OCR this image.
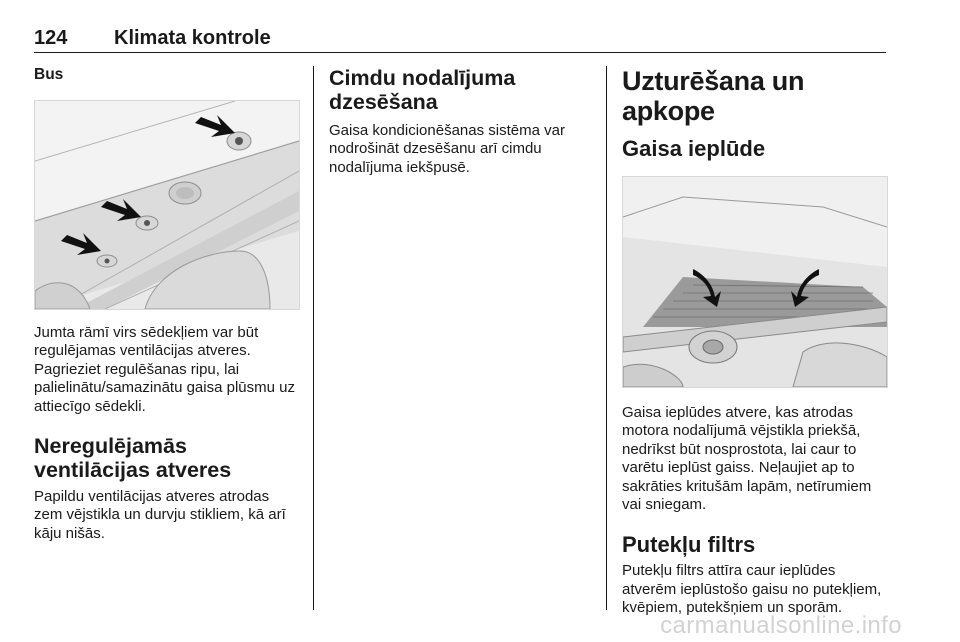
124 Klimata kontrole
Bus

Jumta rāmī virs sēdekļiem var būt regulējamas ventilācijas atveres. Pagrieziet regulēšanas ripu, lai palielinātu/samazinātu gaisa plūsmu uz attiecīgo sēdekli.

Neregulējamās ventilācijas atveres

Papildu ventilācijas atveres atrodas zem vējstikla un durvju stikliem, kā arī kāju nišās.

Cimdu nodalījuma dzesēšana

Gaisa kondicionēšanas sistēma var nodrošināt dzesēšanu arī cimdu nodalījuma iekšpusē.

Uzturēšana un apkope
Gaisa ieplūde

Gaisa ieplūdes atvere, kas atrodas motora nodalījumā vējstikla priekšā, nedrīkst būt nosprostota, lai caur to varētu ieplūst gaiss. Neļaujiet ap to sakrāties kritušām lapām, netīrumiem vai sniegam.

Putekļu filtrs

Putekļu filtrs attīra caur ieplūdes atverēm ieplūstošo gaisu no putekļiem, kvēpiem, putekšņiem un sporām.

carmanualsonline.info
